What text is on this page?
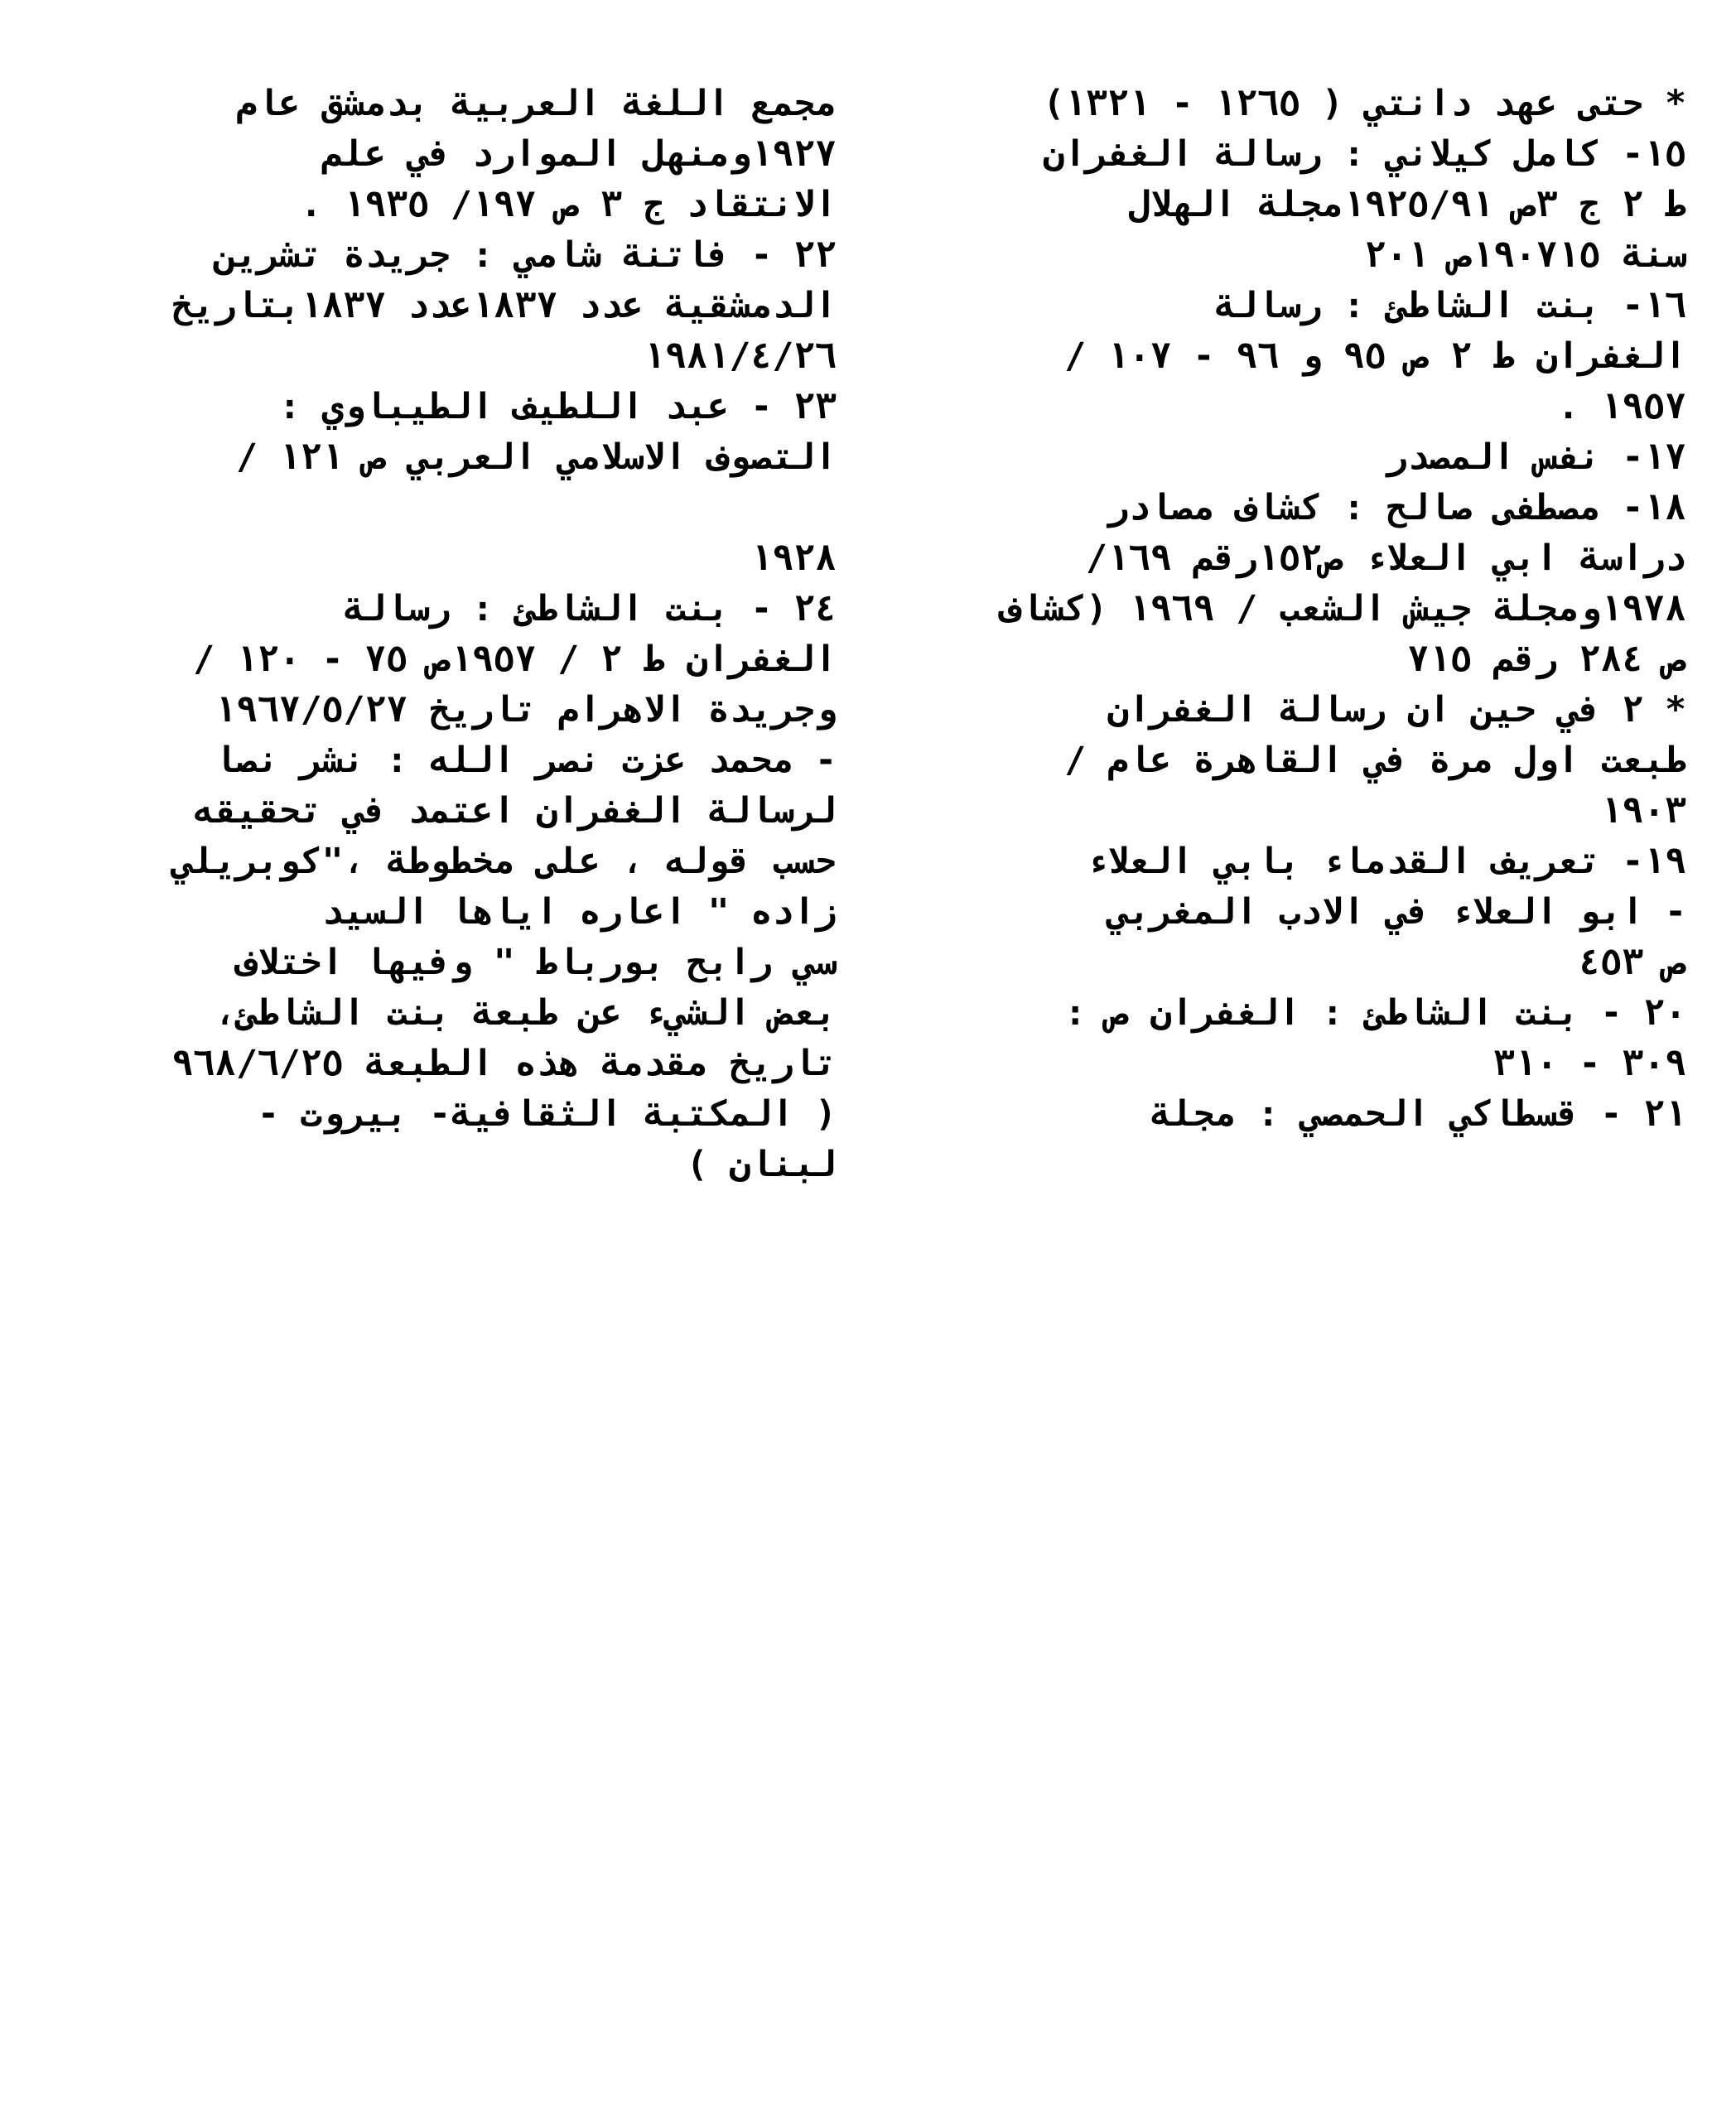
* حتى عهد دانتي ( ١٢٦٥ - ١٣٢١)
١٥- كامل كيلاني : رسالة الغفران
ط ٢ ج ٣ص ١٩٢٥/٩١مجلة الهلال
سنة ١٩٠٧١٥ص ٢٠١
١٦- بنت الشاطئ : رسالة
الغفران ط ٢ ص ٩٥ و ٩٦ - ١٠٧ /
١٩٥٧ .
١٧- نفس المصدر
١٨- مصطفى صالح : كشاف مصادر
دراسة ابي العلاء ص١٥٢رقم ١٦٩/
١٩٧٨ومجلة جيش الشعب / ١٩٦٩ (كشاف
ص ٢٨٤ رقم ٧١٥
* ٢ في حين ان رسالة الغفران
طبعت اول مرة في القاهرة عام /
١٩٠٣
١٩- تعريف القدماء بابي العلاء
- ابو العلاء في الادب المغربي
ص ٤٥٣
٢٠ - بنت الشاطئ : الغفران ص :
٣٠٩ - ٣١٠
٢١ - قسطاكي الحمصي : مجلة
مجمع اللغة العربية بدمشق عام
١٩٢٧ومنهل الموارد في علم
الانتقاد ج ٣ ص ١٩٧/ ١٩٣٥ .
٢٢ - فاتنة شامي : جريدة تشرين
الدمشقية عدد ١٨٣٧عدد ١٨٣٧بتاريخ
١٩٨١/٤/٢٦
٢٣ - عبد اللطيف الطيباوي :
التصوف الاسلامي العربي ص ١٢١ /
١٩٢٨
٢٤ - بنت الشاطئ : رسالة
الغفران ط ٢ / ١٩٥٧ص ٧٥ - ١٢٠ /
وجريدة الاهرام تاريخ ١٩٦٧/٥/٢٧
- محمد عزت نصر الله : نشر نصا
لرسالة الغفران اعتمد في تحقيقه
حسب قوله ، على مخطوطة ،"كوبريلي
زاده " اعاره اياها السيد
سي رابح بورباط " وفيها اختلاف
بعض الشيء عن طبعة بنت الشاطئ،
تاريخ مقدمة هذه الطبعة ٩٦٨/٦/٢٥
( المكتبة الثقافية- بيروت -
لبنان )
